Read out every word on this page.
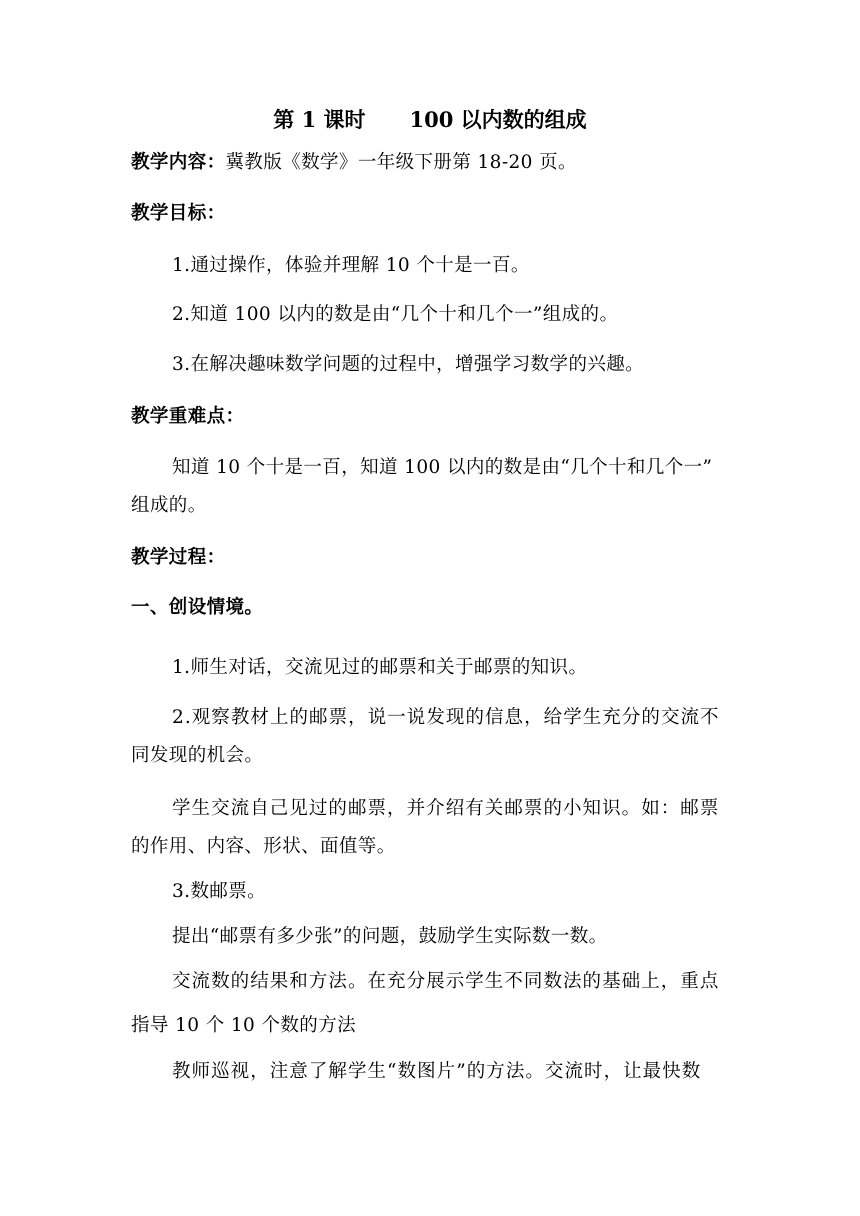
第 1 课时 100 以内数的组成
教学内容：冀教版《数学》一年级下册第 18-20 页。
教学目标：
1.通过操作，体验并理解 10 个十是一百。
2.知道 100 以内的数是由“几个十和几个一”组成的。
3.在解决趣味数学问题的过程中，增强学习数学的兴趣。
教学重难点：
知道 10 个十是一百，知道 100 以内的数是由“几个十和几个一”
组成的。
教学过程：
一、创设情境。
1.师生对话，交流见过的邮票和关于邮票的知识。
2.观察教材上的邮票，说一说发现的信息，给学生充分的交流不
同发现的机会。
学生交流自己见过的邮票，并介绍有关邮票的小知识。如：邮票
的作用、内容、形状、面值等。
3.数邮票。
提出“邮票有多少张”的问题，鼓励学生实际数一数。
交流数的结果和方法。在充分展示学生不同数法的基础上，重点
指导 10 个 10 个数的方法
教师巡视，注意了解学生“数图片”的方法。交流时，让最快数
